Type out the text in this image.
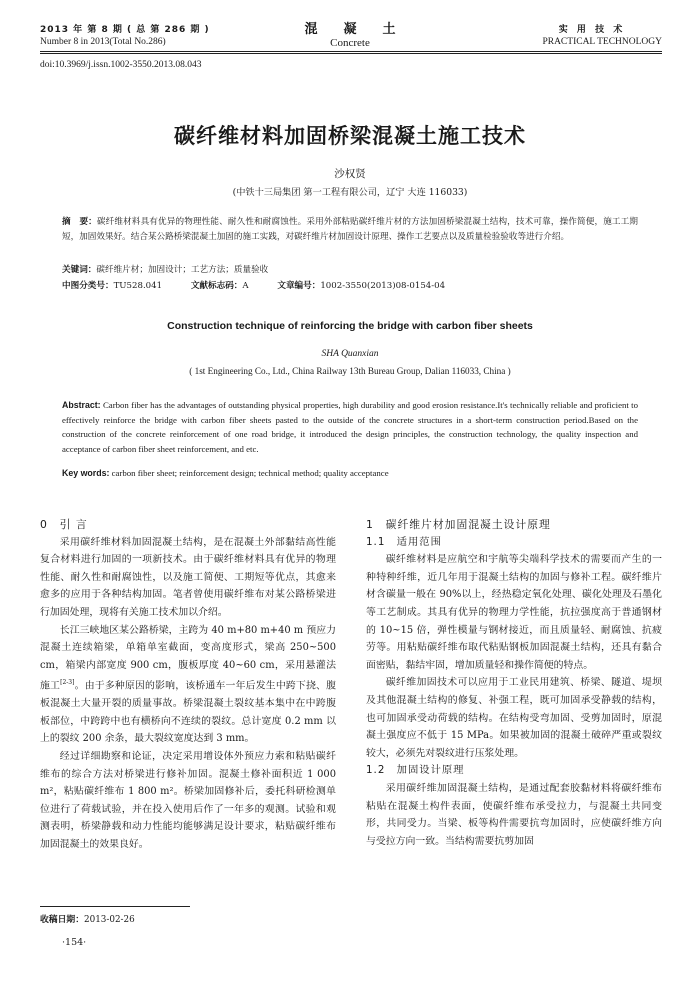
2013 年 第 8 期 ( 总 第 286 期 )
Number 8 in 2013(Total No.286)
混　　凝　　土
Concrete
实 用 技 术
PRACTICAL TECHNOLOGY
doi:10.3969/j.issn.1002-3550.2013.08.043
碳纤维材料加固桥梁混凝土施工技术
沙权贤
(中铁十三局集团 第一工程有限公司，辽宁 大连 116033)
摘　要：碳纤维材料具有优异的物理性能、耐久性和耐腐蚀性。采用外部粘贴碳纤维片材的方法加固桥梁混凝土结构，技术可靠，操作简便，施工工期短，加固效果好。结合某公路桥梁混凝土加固的施工实践，对碳纤维片材加固设计原理、操作工艺要点以及质量检验验收等进行介绍。
关键词：碳纤维片材；加固设计；工艺方法；质量验收
中图分类号：TU528.041	文献标志码：A	文章编号：1002-3550(2013)08-0154-04
Construction technique of reinforcing the bridge with carbon fiber sheets
SHA Quanxian
( 1st Engineering Co., Ltd., China Railway 13th Bureau Group, Dalian 116033, China )
Abstract: Carbon fiber has the advantages of outstanding physical properties, high durability and good erosion resistance.It's technically reliable and proficient to effectively reinforce the bridge with carbon fiber sheets pasted to the outside of the concrete structures in a short-term construction period.Based on the construction of the concrete reinforcement of one road bridge, it introduced the design principles, the construction technology, the quality inspection and acceptance of carbon fiber sheet reinforcement, and etc.
Key words: carbon fiber sheet; reinforcement design; technical method; quality acceptance

0　引 言

采用碳纤维材料加固混凝土结构，是在混凝土外部黏结高性能复合材料进行加固的一项新技术。由于碳纤维材料具有优异的物理性能、耐久性和耐腐蚀性，以及施工简便、工期短等优点，其愈来愈多的应用于各种结构加固。笔者曾使用碳纤维布对某公路桥梁进行加固处理，现将有关施工技术加以介绍。

长江三峡地区某公路桥梁，主跨为 40 m+80 m+40 m 预应力混凝土连续箱梁，单箱单室截面，变高度形式，梁高 250~500 cm，箱梁内部宽度 900 cm，腹板厚度 40~60 cm，采用悬灌法施工[2-3]。由于多种原因的影响，该桥通车一年后发生中跨下挠、腹板混凝土大量开裂的质量事故。桥梁混凝土裂纹基本集中在中跨腹板部位，中跨跨中也有横桥向不连续的裂纹。总计宽度 0.2 mm 以上的裂纹 200 余条，最大裂纹宽度达到 3 mm。

经过详细勘察和论证，决定采用增设体外预应力索和粘贴碳纤维布的综合方法对桥梁进行修补加固。混凝土修补面积近 1 000 m²，粘贴碳纤维布 1 800 m²。桥梁加固修补后，委托科研检测单位进行了荷载试验，并在投入使用后作了一年多的观测。试验和观测表明，桥梁静载和动力性能均能够满足设计要求，粘贴碳纤维布加固混凝土的效果良好。

收稿日期：2013-02-26
·154·

1　碳纤维片材加固混凝土设计原理

1.1　适用范围

碳纤维材料是应航空和宇航等尖端科学技术的需要而产生的一种特种纤维，近几年用于混凝土结构的加固与修补工程。碳纤维片材含碳量一般在 90%以上，经热稳定氧化处理、碳化处理及石墨化等工艺制成。其具有优异的物理力学性能，抗拉强度高于普通钢材的 10~15 倍，弹性模量与钢材接近，而且质量轻、耐腐蚀、抗疲劳等。用粘贴碳纤维布取代粘贴钢板加固混凝土结构，还具有黏合面密贴，黏结牢固，增加质量轻和操作简便的特点。

碳纤维加固技术可以应用于工业民用建筑、桥梁、隧道、堤坝及其他混凝土结构的修复、补强工程，既可加固承受静载的结构，也可加固承受动荷载的结构。在结构受弯加固、受剪加固时，原混凝土强度应不低于 15 MPa。如果被加固的混凝土破碎严重或裂纹较大，必须先对裂纹进行压浆处理。

1.2　加固设计原理

采用碳纤维加固混凝土结构，是通过配套胶黏材料将碳纤维布粘贴在混凝土构件表面，使碳纤维布承受拉力，与混凝土共同变形，共同受力。当梁、板等构件需要抗弯加固时，应使碳纤维方向与受拉方向一致。当结构需要抗剪加固
